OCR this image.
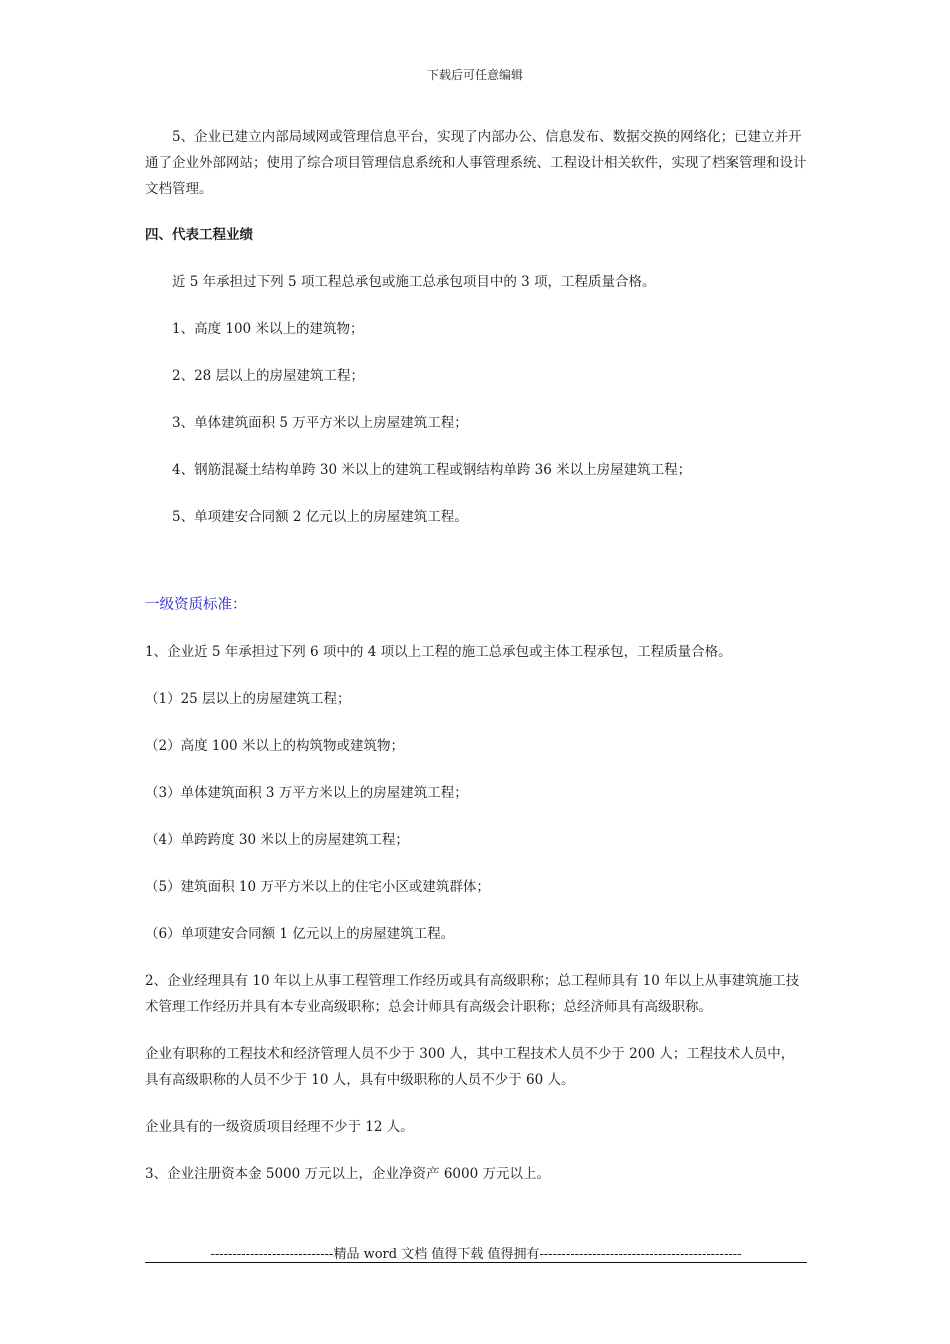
下载后可任意编辑

5、企业已建立内部局域网或管理信息平台，实现了内部办公、信息发布、数据交换的网络化；已建立并开通了企业外部网站；使用了综合项目管理信息系统和人事管理系统、工程设计相关软件，实现了档案管理和设计文档管理。

四、代表工程业绩

近 5 年承担过下列 5 项工程总承包或施工总承包项目中的 3 项，工程质量合格。

1、高度 100 米以上的建筑物；

2、28 层以上的房屋建筑工程；

3、单体建筑面积 5 万平方米以上房屋建筑工程；

4、钢筋混凝土结构单跨 30 米以上的建筑工程或钢结构单跨 36 米以上房屋建筑工程；

5、单项建安合同额 2 亿元以上的房屋建筑工程。

一级资质标准：

1、企业近 5 年承担过下列 6 项中的 4 项以上工程的施工总承包或主体工程承包，工程质量合格。

（1）25 层以上的房屋建筑工程；

（2）高度 100 米以上的构筑物或建筑物；

（3）单体建筑面积 3 万平方米以上的房屋建筑工程；

（4）单跨跨度 30 米以上的房屋建筑工程；

（5）建筑面积 10 万平方米以上的住宅小区或建筑群体；

（6）单项建安合同额 1 亿元以上的房屋建筑工程。

2、企业经理具有 10 年以上从事工程管理工作经历或具有高级职称；总工程师具有 10 年以上从事建筑施工技术管理工作经历并具有本专业高级职称；总会计师具有高级会计职称；总经济师具有高级职称。

企业有职称的工程技术和经济管理人员不少于 300 人，其中工程技术人员不少于 200 人；工程技术人员中，具有高级职称的人员不少于 10 人，具有中级职称的人员不少于 60 人。

企业具有的一级资质项目经理不少于 12 人。

3、企业注册资本金 5000 万元以上，企业净资产 6000 万元以上。

----------------------------精品 word 文档 值得下载 值得拥有----------------------------------------------
